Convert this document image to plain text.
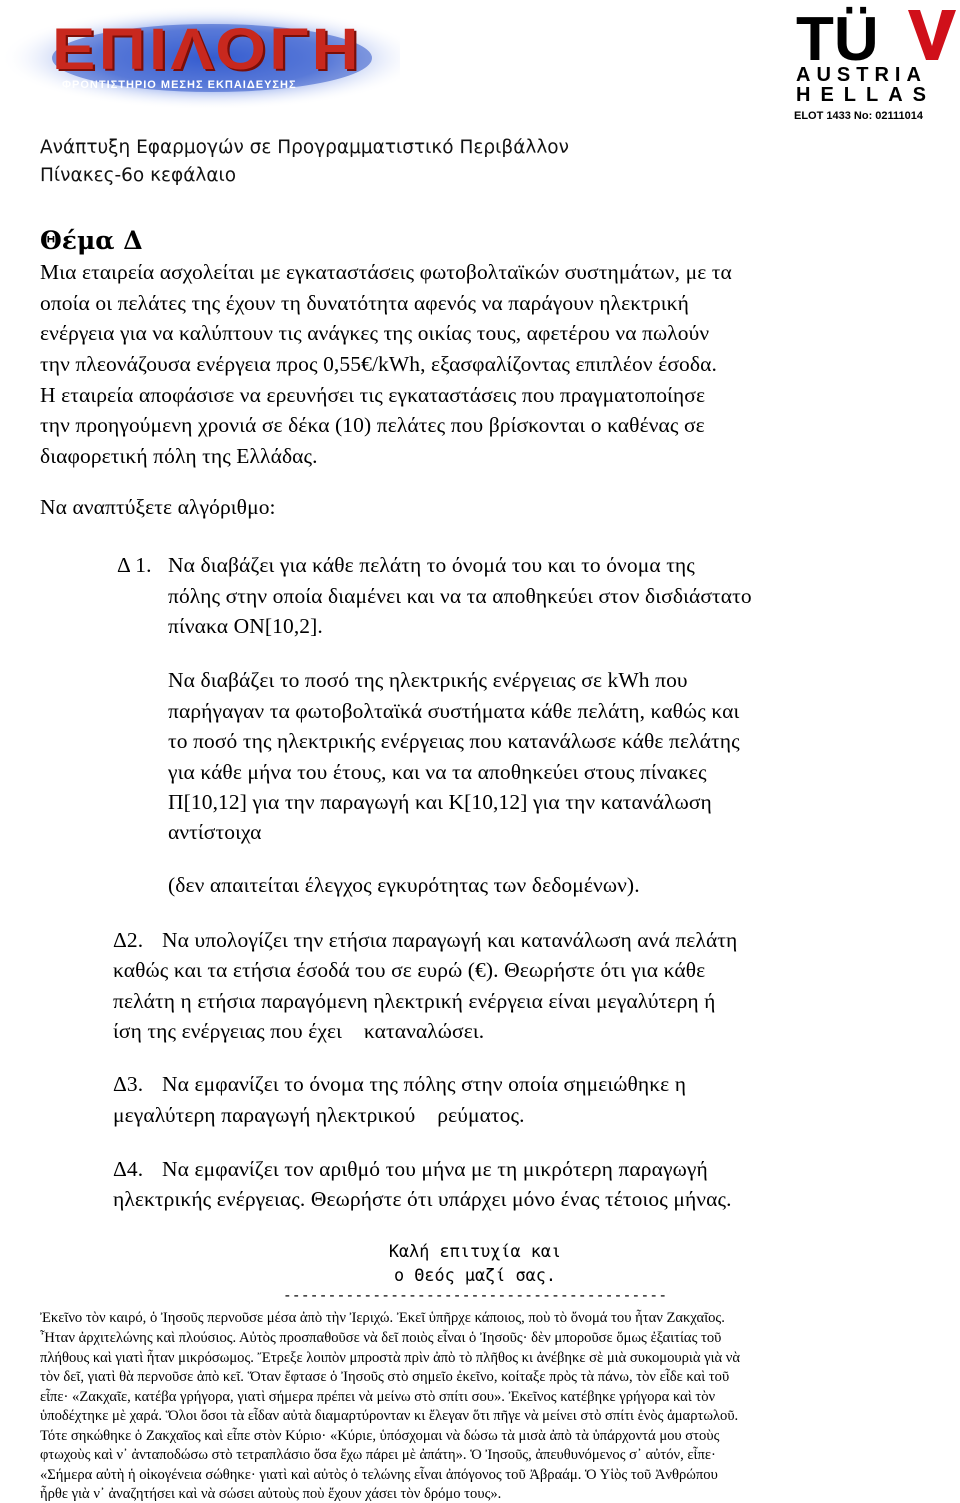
ΕΠΙΛΟΓΗ
ΦΡΟΝΤΙΣΤΗΡΙΟ ΜΕΣΗΣ ΕΚΠΑΙΔΕΥΣΗΣ
TÜ
AUSTRIA
HELLAS
ELOT 1433 No: 02111014
Ανάπτυξη Εφαρμογών σε Προγραμματιστικό Περιβάλλον
Πίνακες-6ο κεφάλαιο
Θέμα Δ
Μια εταιρεία ασχολείται με εγκαταστάσεις φωτοβολταϊκών συστημάτων, με τα
οποία οι πελάτες της έχουν τη δυνατότητα αφενός να παράγουν ηλεκτρική
ενέργεια για να καλύπτουν τις ανάγκες της οικίας τους, αφετέρου να πωλούν
την πλεονάζουσα ενέργεια προς 0,55€/kWh, εξασφαλίζοντας επιπλέον έσοδα.
Η εταιρεία αποφάσισε να ερευνήσει τις εγκαταστάσεις που πραγματοποίησε
την προηγούμενη χρονιά σε δέκα (10) πελάτες που βρίσκονται ο καθένας σε
διαφορετική πόλη της Ελλάδας.
Να αναπτύξετε αλγόριθμο:
Δ 1. Να διαβάζει για κάθε πελάτη το όνομά του και το όνομα της
πόλης στην οποία διαμένει και να τα αποθηκεύει στον δισδιάστατο
πίνακα ΟΝ[10,2].
Να διαβάζει το ποσό της ηλεκτρικής ενέργειας σε kWh που
παρήγαγαν τα φωτοβολταϊκά συστήματα κάθε πελάτη, καθώς και
το ποσό της ηλεκτρικής ενέργειας που κατανάλωσε κάθε πελάτης
για κάθε μήνα του έτους, και να τα αποθηκεύει στους πίνακες
Π[10,12] για την παραγωγή και Κ[10,12] για την κατανάλωση
αντίστοιχα
(δεν απαιτείται έλεγχος εγκυρότητας των δεδομένων).
Δ2. Να υπολογίζει την ετήσια παραγωγή και κατανάλωση ανά πελάτη
καθώς και τα ετήσια έσοδά του σε ευρώ (€). Θεωρήστε ότι για κάθε
πελάτη η ετήσια παραγόμενη ηλεκτρική ενέργεια είναι μεγαλύτερη ή
ίση της ενέργειας που έχει    καταναλώσει.
Δ3. Να εμφανίζει το όνομα της πόλης στην οποία σημειώθηκε η
μεγαλύτερη παραγωγή ηλεκτρικού    ρεύματος.
Δ4. Να εμφανίζει τον αριθμό του μήνα με τη μικρότερη παραγωγή
ηλεκτρικής ενέργειας. Θεωρήστε ότι υπάρχει μόνο ένας τέτοιος μήνας.
Καλή επιτυχία και
ο Θεός μαζί σας.
-------------------------------------------
Ἐκεῖνο τὸν καιρό, ὁ Ἰησοῦς περνοῦσε μέσα ἀπὸ τὴν Ἰεριχώ. Ἐκεῖ ὑπῆρχε κάποιος, ποὺ τὸ ὄνομά του ἦταν Ζακχαῖος.
Ἦταν ἀρχιτελώνης καὶ πλούσιος. Αὐτὸς προσπαθοῦσε νὰ δεῖ ποιὸς εἶναι ὁ Ἰησοῦς· δὲν μποροῦσε ὅμως ἐξαιτίας τοῦ
πλήθους καὶ γιατὶ ἦταν μικρόσωμος. Ἔτρεξε λοιπὸν μπροστὰ πρὶν ἀπὸ τὸ πλῆθος κι ἀνέβηκε σὲ μιὰ συκομουριὰ γιὰ νὰ
τὸν δεῖ, γιατὶ θὰ περνοῦσε ἀπὸ κεῖ. Ὅταν ἔφτασε ὁ Ἰησοῦς στὸ σημεῖο ἐκεῖνο, κοίταξε πρὸς τὰ πάνω, τὸν εἶδε καὶ τοῦ
εἶπε· «Ζακχαῖε, κατέβα γρήγορα, γιατὶ σήμερα πρέπει νὰ μείνω στὸ σπίτι σου». Ἐκεῖνος κατέβηκε γρήγορα καὶ τὸν
ὑποδέχτηκε μὲ χαρά. Ὅλοι ὅσοι τὰ εἶδαν αὐτὰ διαμαρτύρονταν κι ἔλεγαν ὅτι πῆγε νὰ μείνει στὸ σπίτι ἑνὸς ἁμαρτωλοῦ.
Τότε σηκώθηκε ὁ Ζακχαῖος καὶ εἶπε στὸν Κύριο· «Κύριε, ὑπόσχομαι νὰ δώσω τὰ μισὰ ἀπὸ τὰ ὑπάρχοντά μου στοὺς
φτωχοὺς καὶ ν᾿ ἀνταποδώσω στὸ τετραπλάσιο ὅσα ἔχω πάρει μὲ ἀπάτη». Ὁ Ἰησοῦς, ἀπευθυνόμενος σ᾿ αὐτόν, εἶπε·
«Σήμερα αὐτὴ ἡ οἰκογένεια σώθηκε· γιατὶ καὶ αὐτὸς ὁ τελώνης εἶναι ἀπόγονος τοῦ Ἀβραάμ. Ὁ Υἱὸς τοῦ Ἀνθρώπου
ἦρθε γιὰ ν᾿ ἀναζητήσει καὶ νὰ σώσει αὐτοὺς ποὺ ἔχουν χάσει τὸν δρόμο τους».
